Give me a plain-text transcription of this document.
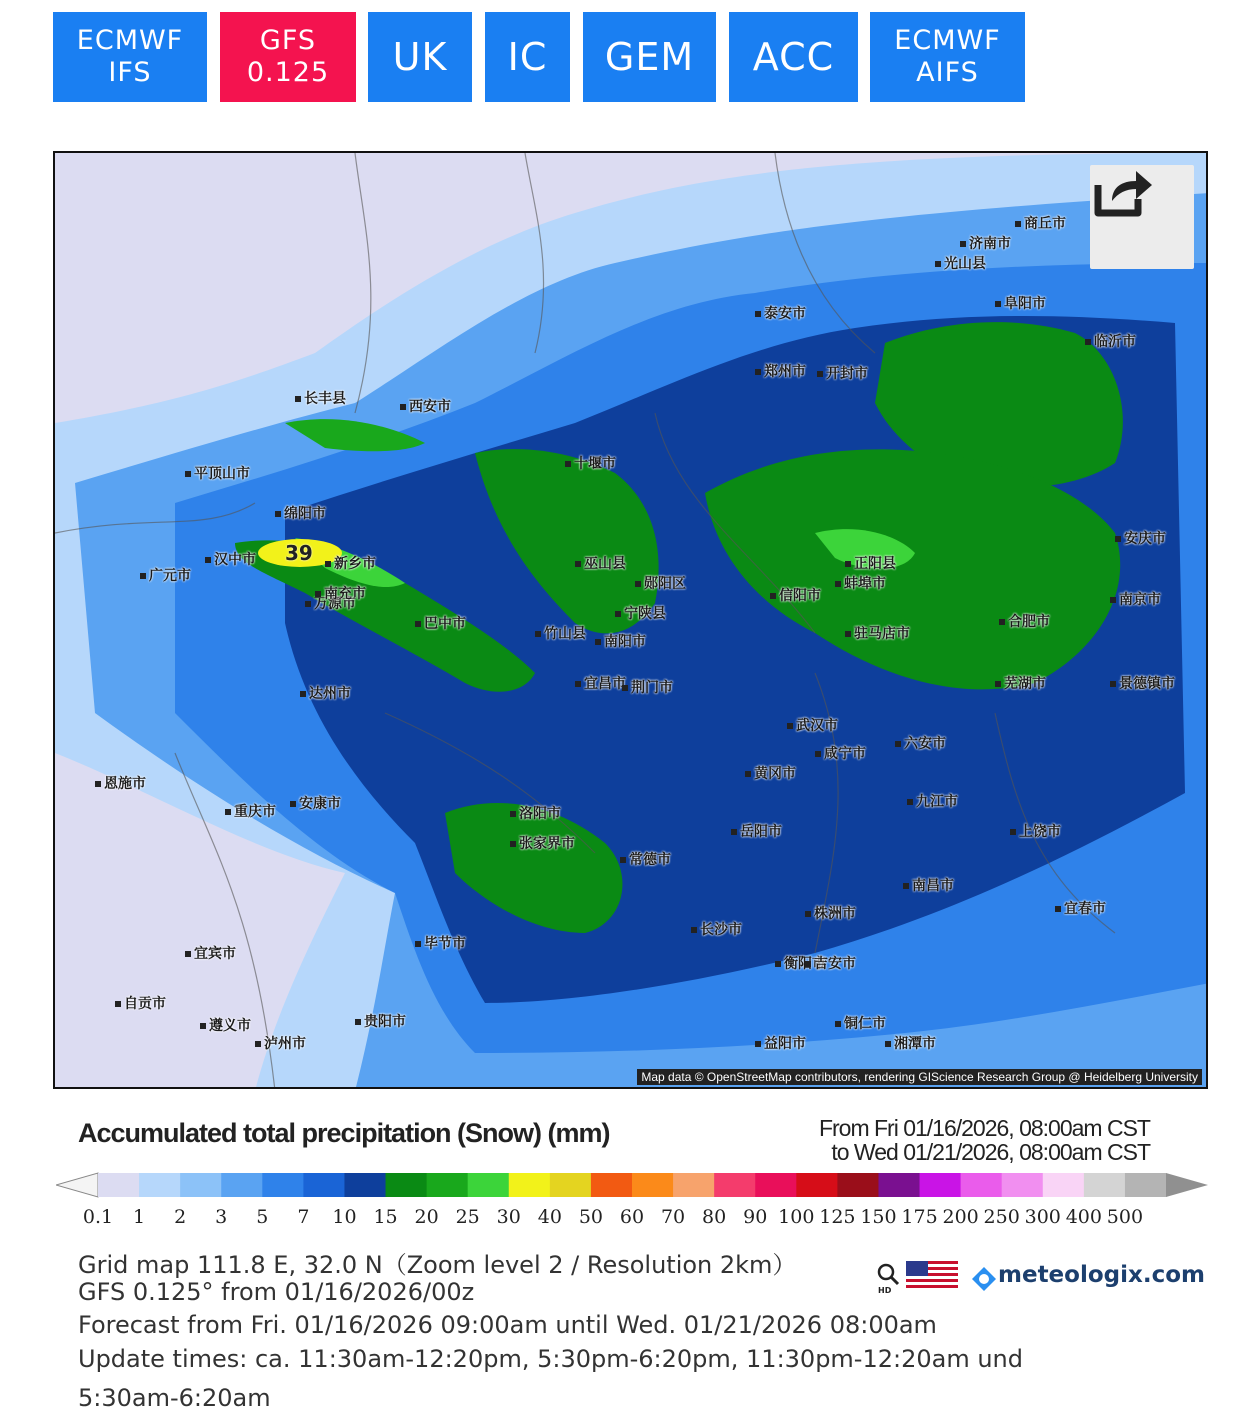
ECMWF
IFS
GFS
0.125 UK IC GEM ACC ECMWF
AIFS
郑州市	开封市
信阳市
合肥市
武汉市
长沙市
南昌市
重庆市
宜昌市 荆门市
南京市
九江市
岳阳市
常德市
汉中市
广元市
达州市
万源市
临沂市
西安市
安康市
十堰市
南阳市	驻马店市
六安市
黄冈市
咸宁市
株洲市
衡阳市
湘潭市
益阳市
张家界市
恩施市
宜宾市
自贡市
泸州市
贵阳市
遵义市
毕节市
铜仁市
吉安市
宜春市
上饶市
景德镇市
芜湖市
安庆市
蚌埠市
阜阳市
商丘市
济南市
泰安市
新乡市
洛阳市
平顶山市
绵阳市
南充市
巴中市
巫山县
宁陕县
正阳县
光山县
长丰县
竹山县
郧阳区
39
Map data © OpenStreetMap contributors, rendering GIScience Research Group @ Heidelberg University
Accumulated total precipitation (Snow) (mm)	From Fri 01/16/2026, 08:00am CST
to Wed 01/21/2026, 08:00am CST
0.1 1 2 3 5 7 10 15 20 25 30 40 50 60 70 80 90 100 125 150 175 200 250 300 400 500
Grid map 111.8 E, 32.0 N（Zoom level 2 / Resolution 2km）
GFS 0.125° from 01/16/2026/00z
Forecast from Fri. 01/16/2026 09:00am until Wed. 01/21/2026 08:00am
Update times: ca. 11:30am-12:20pm, 5:30pm-6:20pm, 11:30pm-12:20am und
5:30am-6:20am
HD
meteologix.com
